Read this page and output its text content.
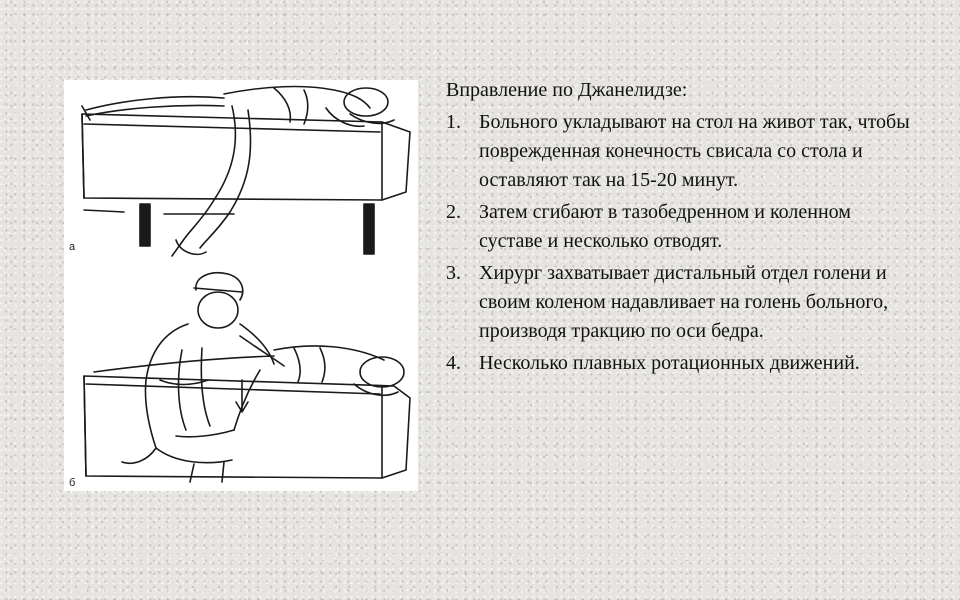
а
б
Вправление по Джанелидзе:
1. Больного укладывают на стол на живот так, чтобы поврежденная конечность свисала со стола и оставляют так на 15-20 минут.
2. Затем сгибают в тазобедренном и коленном суставе и несколько отводят.
3. Хирург захватывает дистальный отдел голени и своим коленом надавливает на голень больного, производя тракцию по оси бедра.
4. Несколько плавных ротационных движений.
